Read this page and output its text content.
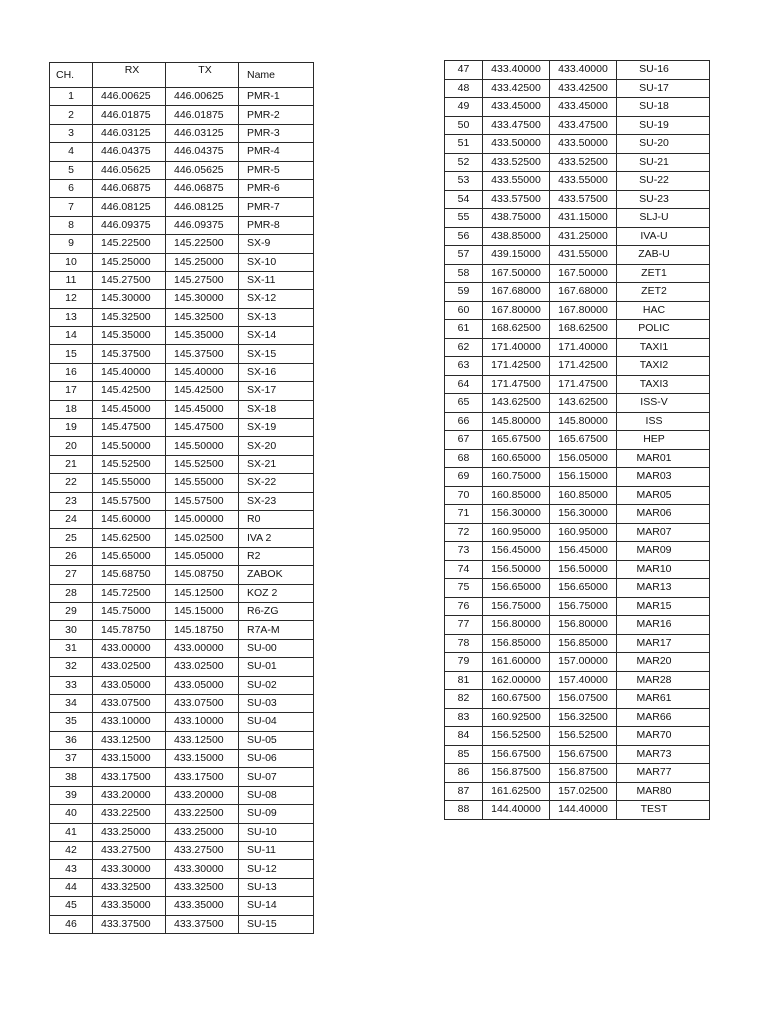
CH.	RX	TX	Name
1	446.00625	446.00625	PMR-1
2	446.01875	446.01875	PMR-2
3	446.03125	446.03125	PMR-3
4	446.04375	446.04375	PMR-4
5	446.05625	446.05625	PMR-5
6	446.06875	446.06875	PMR-6
7	446.08125	446.08125	PMR-7
8	446.09375	446.09375	PMR-8
9	145.22500	145.22500	SX-9
10	145.25000	145.25000	SX-10
11	145.27500	145.27500	SX-11
12	145.30000	145.30000	SX-12
13	145.32500	145.32500	SX-13
14	145.35000	145.35000	SX-14
15	145.37500	145.37500	SX-15
16	145.40000	145.40000	SX-16
17	145.42500	145.42500	SX-17
18	145.45000	145.45000	SX-18
19	145.47500	145.47500	SX-19
20	145.50000	145.50000	SX-20
21	145.52500	145.52500	SX-21
22	145.55000	145.55000	SX-22
23	145.57500	145.57500	SX-23
24	145.60000	145.00000	R0
25	145.62500	145.02500	IVA 2
26	145.65000	145.05000	R2
27	145.68750	145.08750	ZABOK
28	145.72500	145.12500	KOZ 2
29	145.75000	145.15000	R6-ZG
30	145.78750	145.18750	R7A-M
31	433.00000	433.00000	SU-00
32	433.02500	433.02500	SU-01
33	433.05000	433.05000	SU-02
34	433.07500	433.07500	SU-03
35	433.10000	433.10000	SU-04
36	433.12500	433.12500	SU-05
37	433.15000	433.15000	SU-06
38	433.17500	433.17500	SU-07
39	433.20000	433.20000	SU-08
40	433.22500	433.22500	SU-09
41	433.25000	433.25000	SU-10
42	433.27500	433.27500	SU-11
43	433.30000	433.30000	SU-12
44	433.32500	433.32500	SU-13
45	433.35000	433.35000	SU-14
46	433.37500	433.37500	SU-15
47	433.40000	433.40000	SU-16
48	433.42500	433.42500	SU-17
49	433.45000	433.45000	SU-18
50	433.47500	433.47500	SU-19
51	433.50000	433.50000	SU-20
52	433.52500	433.52500	SU-21
53	433.55000	433.55000	SU-22
54	433.57500	433.57500	SU-23
55	438.75000	431.15000	SLJ-U
56	438.85000	431.25000	IVA-U
57	439.15000	431.55000	ZAB-U
58	167.50000	167.50000	ZET1
59	167.68000	167.68000	ZET2
60	167.80000	167.80000	HAC
61	168.62500	168.62500	POLIC
62	171.40000	171.40000	TAXI1
63	171.42500	171.42500	TAXI2
64	171.47500	171.47500	TAXI3
65	143.62500	143.62500	ISS-V
66	145.80000	145.80000	ISS
67	165.67500	165.67500	HEP
68	160.65000	156.05000	MAR01
69	160.75000	156.15000	MAR03
70	160.85000	160.85000	MAR05
71	156.30000	156.30000	MAR06
72	160.95000	160.95000	MAR07
73	156.45000	156.45000	MAR09
74	156.50000	156.50000	MAR10
75	156.65000	156.65000	MAR13
76	156.75000	156.75000	MAR15
77	156.80000	156.80000	MAR16
78	156.85000	156.85000	MAR17
79	161.60000	157.00000	MAR20
81	162.00000	157.40000	MAR28
82	160.67500	156.07500	MAR61
83	160.92500	156.32500	MAR66
84	156.52500	156.52500	MAR70
85	156.67500	156.67500	MAR73
86	156.87500	156.87500	MAR77
87	161.62500	157.02500	MAR80
88	144.40000	144.40000	TEST
